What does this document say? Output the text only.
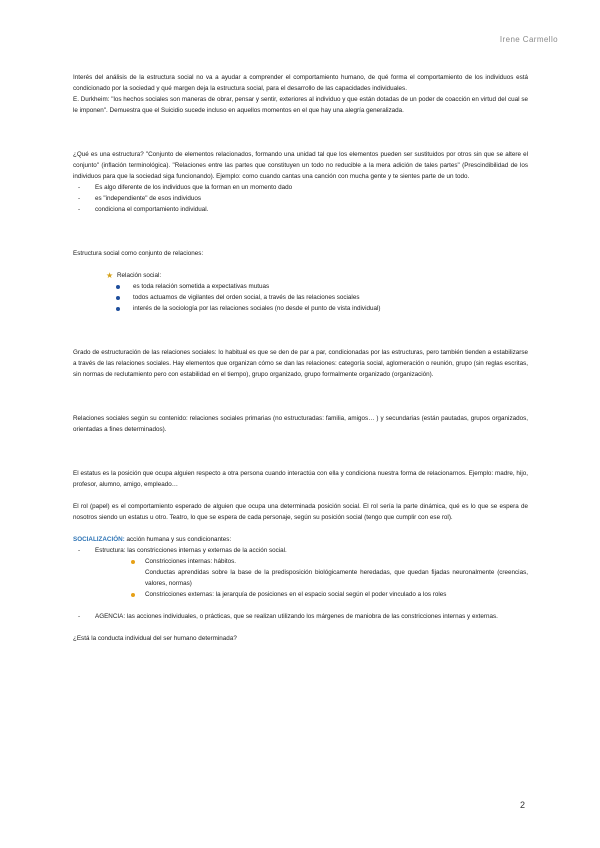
Irene Carmello

Interés del análisis de la estructura social no va a ayudar a comprender el comportamiento humano, de qué forma el comportamiento de los individuos está condicionado por la sociedad y qué margen deja la estructura social, para el desarrollo de las capacidades individuales.

E. Durkheim: "los hechos sociales son maneras de obrar, pensar y sentir, exteriores al individuo y que están dotadas de un poder de coacción en virtud del cual se le imponen". Demuestra que el Suicidio sucede incluso en aquellos momentos en el que hay una alegría generalizada.

¿Qué es una estructura? "Conjunto de elementos relacionados, formando una unidad tal que los elementos pueden ser sustituidos por otros sin que se altere el conjunto" (inflación terminológica). "Relaciones entre las partes que constituyen un todo no reducible a la mera adición de tales partes" (Prescindibilidad de los individuos para que la sociedad siga funcionando). Ejemplo: como cuando cantas una canción con mucha gente y te sientes parte de un todo.

- Es algo diferente de los individuos que la forman en un momento dado
- es "independiente" de esos individuos
- condiciona el comportamiento individual.

Estructura social como conjunto de relaciones:

★ Relación social:
es toda relación sometida a expectativas mutuas
todos actuamos de vigilantes del orden social, a través de las relaciones sociales
interés de la sociología por las relaciones sociales (no desde el punto de vista individual)

Grado de estructuración de las relaciones sociales: lo habitual es que se den de par a par, condicionadas por las estructuras, pero también tienden a estabilizarse a través de las relaciones sociales. Hay elementos que organizan cómo se dan las relaciones: categoría social, aglomeración o reunión, grupo (sin reglas escritas, sin normas de reclutamiento pero con estabilidad en el tiempo), grupo organizado, grupo formalmente organizado (organización).

Relaciones sociales según su contenido: relaciones sociales primarias (no estructuradas: familia, amigos… ) y secundarias (están pautadas, grupos organizados, orientadas a fines determinados).

El estatus es la posición que ocupa alguien respecto a otra persona cuando interactúa con ella y condiciona nuestra forma de relacionarnos. Ejemplo: madre, hijo, profesor, alumno, amigo, empleado…

El rol (papel) es el comportamiento esperado de alguien que ocupa una determinada posición social. El rol sería la parte dinámica, qué es lo que se espera de nosotros siendo un estatus u otro. Teatro, lo que se espera de cada personaje, según su posición social (tengo que cumplir con ese rol).

SOCIALIZACIÓN: acción humana y sus condicionantes:

- Estructura: las constricciones internas y externas de la acción social.
Constricciones internas: hábitos.
Conductas aprendidas sobre la base de la predisposición biológicamente heredadas, que quedan fijadas neuronalmente (creencias, valores, normas)
Constricciones externas: la jerarquía de posiciones en el espacio social según el poder vinculado a los roles
- AGENCIA: las acciones individuales, o prácticas, que se realizan utilizando los márgenes de maniobra de las constricciones internas y externas.

¿Está la conducta individual del ser humano determinada?

2
